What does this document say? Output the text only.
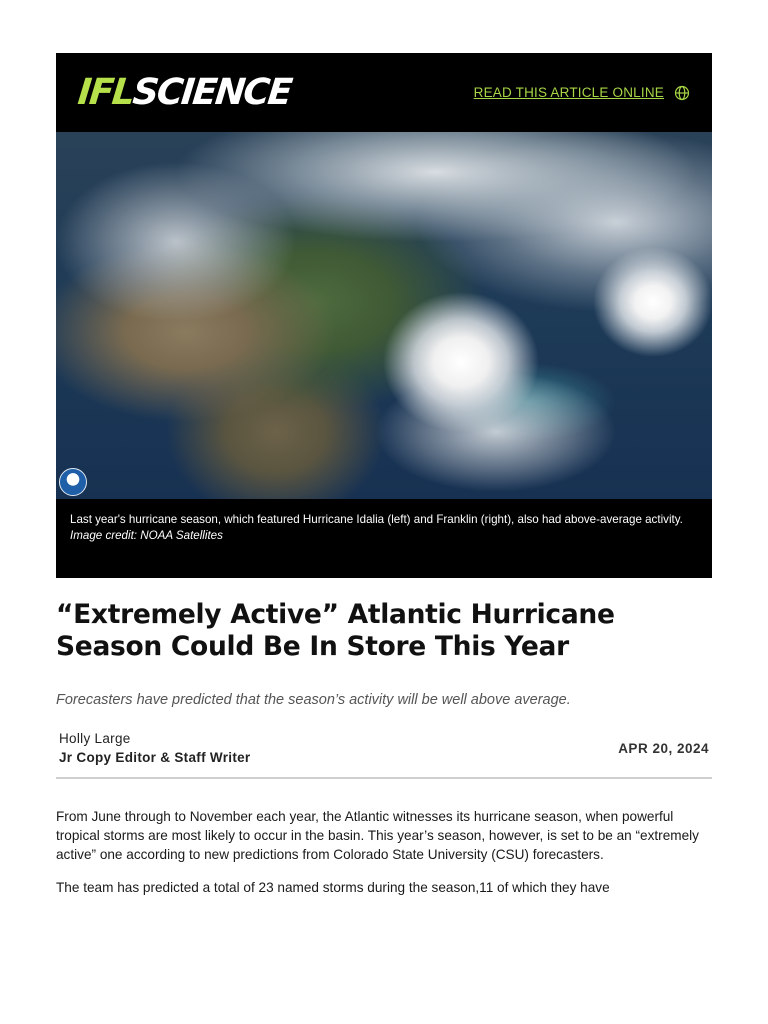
IFL
SCIENCE	READ THIS ARTICLE ONLINE
Last year's hurricane season, which featured Hurricane Idalia (left) and Franklin (right), also had above-average activity.
Image credit: NOAA Satellites
“Extremely Active” Atlantic Hurricane Season Could Be In Store This Year

Forecasters have predicted that the season’s activity will be well above average.

Holly Large
Jr Copy Editor & Staff Writer
APR 20, 2024

From June through to November each year, the Atlantic witnesses its hurricane season, when powerful tropical storms are most likely to occur in the basin. This year’s season, however, is set to be an “extremely active” one according to new predictions from Colorado State University (CSU) forecasters.

The team has predicted a total of 23 named storms during the season,11 of which they have
